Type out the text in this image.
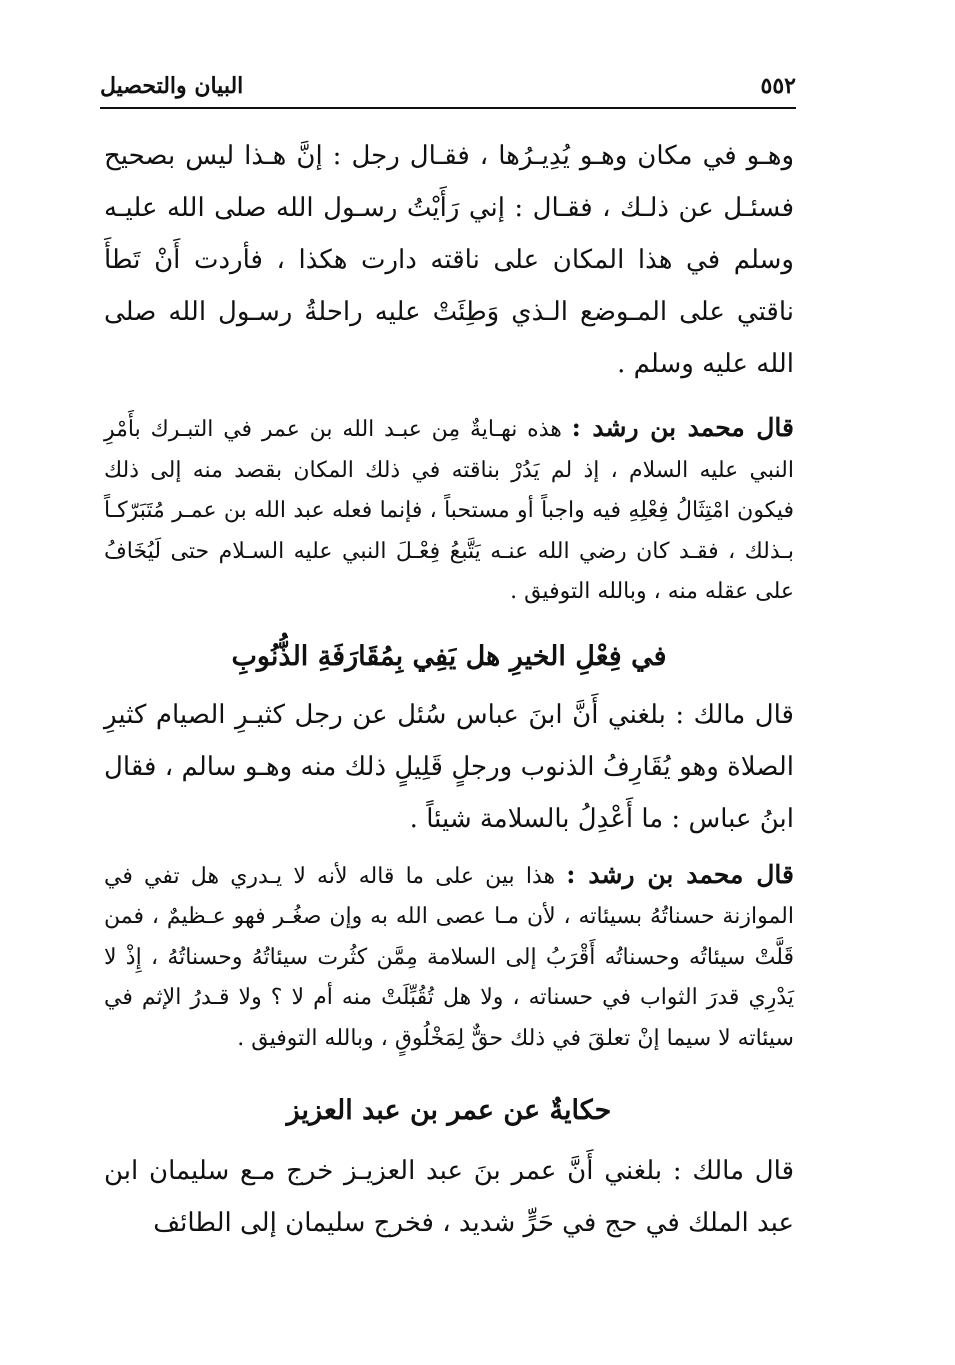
٥٥٢
البيان والتحصيل

وهـو في مكان وهـو يُدِيـرُها ، فقـال رجل : إنَّ هـذا ليس بصحيح فسئـل عن ذلـك ، فقـال : إني رَأَيْتُ رسـول الله صلى الله عليـه وسلم في هذا المكان على ناقته دارت هكذا ، فأردت أَنْ تَطأَ ناقتي على المـوضع الـذي وَطِئَتْ عليه راحلةُ رسـول الله صلى الله عليه وسلم .

قال محمد بن رشد : هذه نهـايةٌ مِن عبـد الله بن عمر في التبـرك بأَمْرِ النبي عليه السلام ، إذ لم يَدُرْ بناقته في ذلك المكان بقصد منه إلى ذلك فيكون امْتِثَالُ فِعْلِهِ فيه واجباً أو مستحباً ، فإنما فعله عبد الله بن عمـر مُتَبَرّكـاً بـذلك ، فقـد كان رضي الله عنـه يَتَّبعُ فِعْـلَ النبي عليه السـلام حتى لَيُخَافُ على عقله منه ، وبالله التوفيق .

في فِعْلِ الخيرِ هل يَفِي بِمُقَارَفَةِ الذُّنُوبِ

قال مالك : بلغني أَنَّ ابنَ عباس سُئل عن رجل كثيـرِ الصيام كثيرِ الصلاة وهو يُقَارِفُ الذنوب ورجلٍ قَلِيلٍ ذلك منه وهـو سالم ، فقال ابنُ عباس : ما أَعْدِلُ بالسلامة شيئاً .

قال محمد بن رشد : هذا بين على ما قاله لأنه لا يـدري هل تفي في الموازنة حسناتُهُ بسيئاته ، لأن مـا عصى الله به وإن صغُـر فهو عـظيمٌ ، فمن قَلَّتْ سيئاتُه وحسناتُه أَقْرَبُ إلى السلامة مِمَّن كثُرت سيئاتُهُ وحسناتُهُ ، إِذْ لا يَدْرِي قدرَ الثواب في حسناته ، ولا هل تُقُبِّلَتْ منه أم لا ؟ ولا قـدرُ الإثم في سيئاته لا سيما إنْ تعلقَ في ذلك حقٌّ لِمَخْلُوقٍ ، وبالله التوفيق .

حكايةٌ عن عمر بن عبد العزيز

قال مالك : بلغني أَنَّ عمر بنَ عبد العزيـز خرج مـع سليمان ابن عبد الملك في حج في حَرٍّ شديد ، فخرج سليمان إلى الطائف
